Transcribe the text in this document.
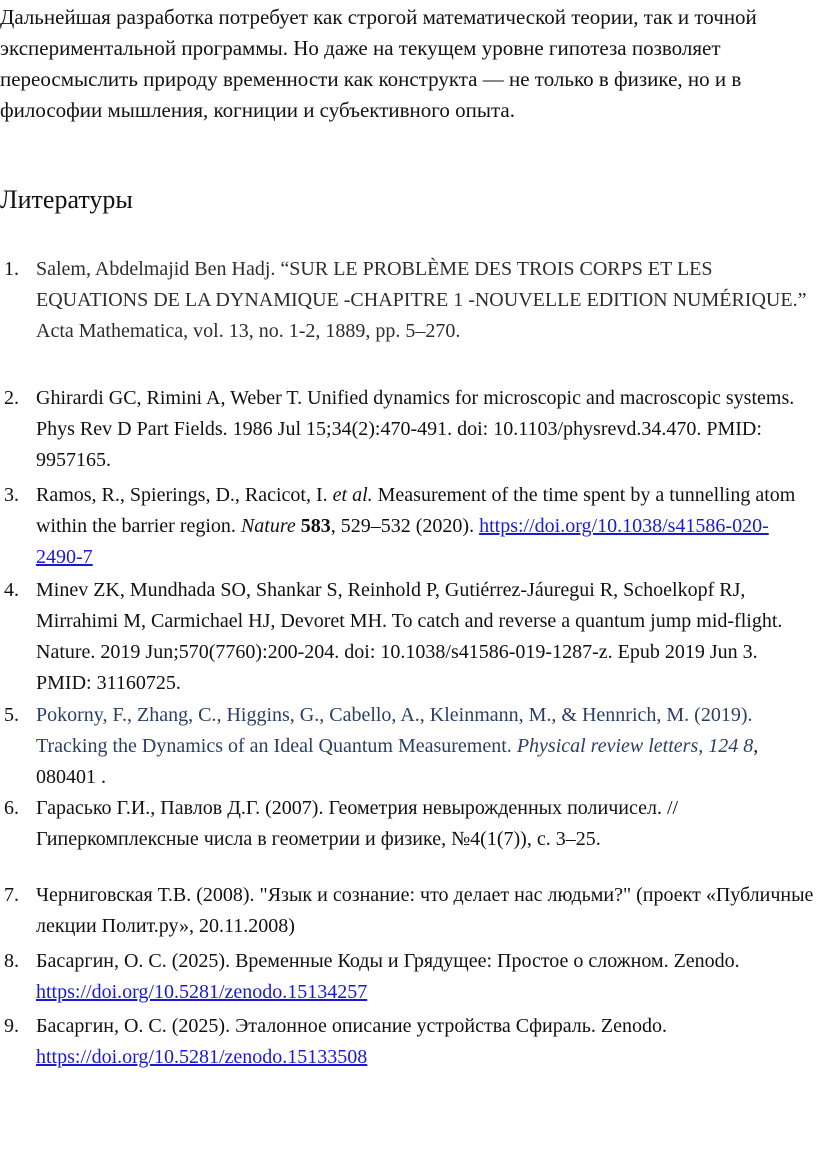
Дальнейшая разработка потребует как строгой математической теории, так и точной экспериментальной программы. Но даже на текущем уровне гипотеза позволяет переосмыслить природу временности как конструкта — не только в физике, но и в философии мышления, когниции и субъективного опыта.

Литературы
1. Salem, Abdelmajid Ben Hadj. “SUR LE PROBLÈME DES TROIS CORPS ET LES EQUATIONS DE LA DYNAMIQUE -CHAPITRE 1 -NOUVELLE EDITION NUMÉRIQUE.” Acta Mathematica, vol. 13, no. 1-2, 1889, pp. 5–270.
2. Ghirardi GC, Rimini A, Weber T. Unified dynamics for microscopic and macroscopic systems. Phys Rev D Part Fields. 1986 Jul 15;34(2):470-491. doi: 10.1103/physrevd.34.470. PMID: 9957165.
3. Ramos, R., Spierings, D., Racicot, I. et al. Measurement of the time spent by a tunnelling atom within the barrier region. Nature 583, 529–532 (2020). https://doi.org/10.1038/s41586-020-2490-7
4. Minev ZK, Mundhada SO, Shankar S, Reinhold P, Gutiérrez-Jáuregui R, Schoelkopf RJ, Mirrahimi M, Carmichael HJ, Devoret MH. To catch and reverse a quantum jump mid-flight. Nature. 2019 Jun;570(7760):200-204. doi: 10.1038/s41586-019-1287-z. Epub 2019 Jun 3. PMID: 31160725.
5. Pokorny, F., Zhang, C., Higgins, G., Cabello, A., Kleinmann, M., & Hennrich, M. (2019). Tracking the Dynamics of an Ideal Quantum Measurement. Physical review letters, 124 8, 080401 .
6. Гарасько Г.И., Павлов Д.Г. (2007). Геометрия невырожденных поличисел. // Гиперкомплексные числа в геометрии и физике, №4(1(7)), с. 3–25.
7. Черниговская Т.В. (2008). "Язык и сознание: что делает нас людьми?" (проект «Публичные лекции Полит.ру», 20.11.2008)
8. Басаргин, О. С. (2025). Временные Коды и Грядущее: Простое о сложном. Zenodo. https://doi.org/10.5281/zenodo.15134257
9. Басаргин, О. С. (2025). Эталонное описание устройства Сфираль. Zenodo. https://doi.org/10.5281/zenodo.15133508
